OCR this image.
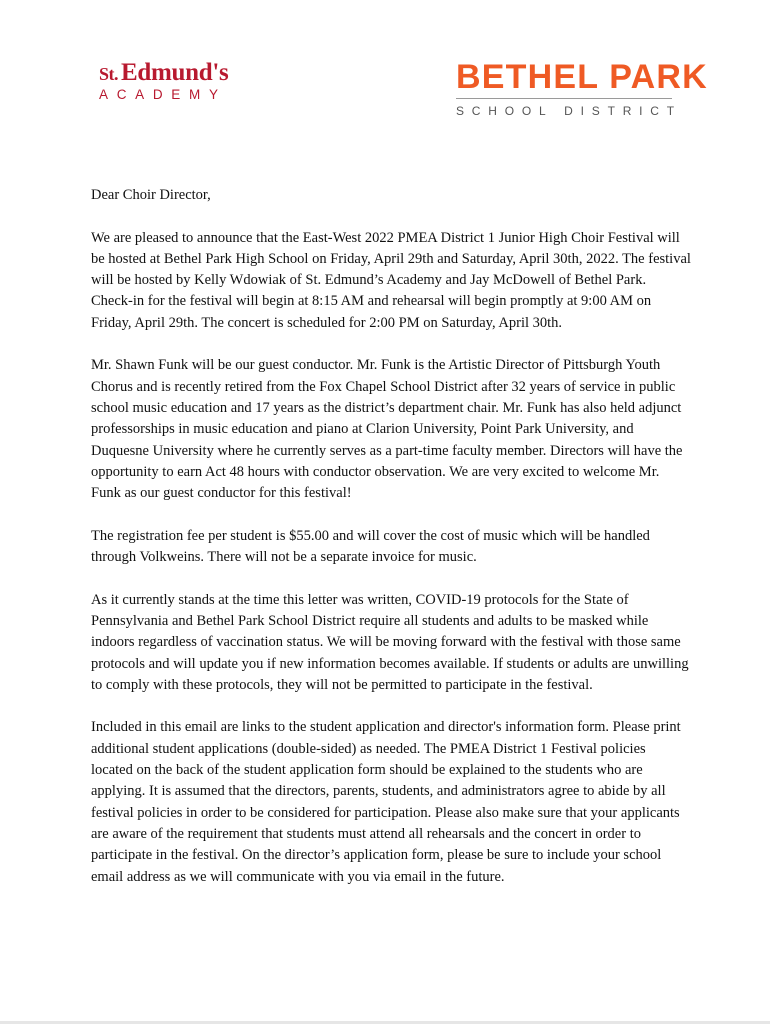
St. Edmund's
ACADEMY	BETHEL PARK
SCHOOL DISTRICT

Dear Choir Director,

We are pleased to announce that the East-West 2022 PMEA District 1 Junior High Choir Festival will be hosted at Bethel Park High School on Friday, April 29th and Saturday, April 30th, 2022. The festival will be hosted by Kelly Wdowiak of St. Edmund’s Academy and Jay McDowell of Bethel Park. Check-in for the festival will begin at 8:15 AM and rehearsal will begin promptly at 9:00 AM on Friday, April 29th. The concert is scheduled for 2:00 PM on Saturday, April 30th.

Mr. Shawn Funk will be our guest conductor. Mr. Funk is the Artistic Director of Pittsburgh Youth Chorus and is recently retired from the Fox Chapel School District after 32 years of service in public school music education and 17 years as the district’s department chair. Mr. Funk has also held adjunct professorships in music education and piano at Clarion University, Point Park University, and Duquesne University where he currently serves as a part-time faculty member. Directors will have the opportunity to earn Act 48 hours with conductor observation. We are very excited to welcome Mr. Funk as our guest conductor for this festival!

The registration fee per student is $55.00 and will cover the cost of music which will be handled through Volkweins. There will not be a separate invoice for music.

As it currently stands at the time this letter was written, COVID-19 protocols for the State of Pennsylvania and Bethel Park School District require all students and adults to be masked while indoors regardless of vaccination status. We will be moving forward with the festival with those same protocols and will update you if new information becomes available. If students or adults are unwilling to comply with these protocols, they will not be permitted to participate in the festival.

Included in this email are links to the student application and director's information form. Please print additional student applications (double-sided) as needed. The PMEA District 1 Festival policies located on the back of the student application form should be explained to the students who are applying. It is assumed that the directors, parents, students, and administrators agree to abide by all festival policies in order to be considered for participation. Please also make sure that your applicants are aware of the requirement that students must attend all rehearsals and the concert in order to participate in the festival. On the director’s application form, please be sure to include your school email address as we will communicate with you via email in the future.
